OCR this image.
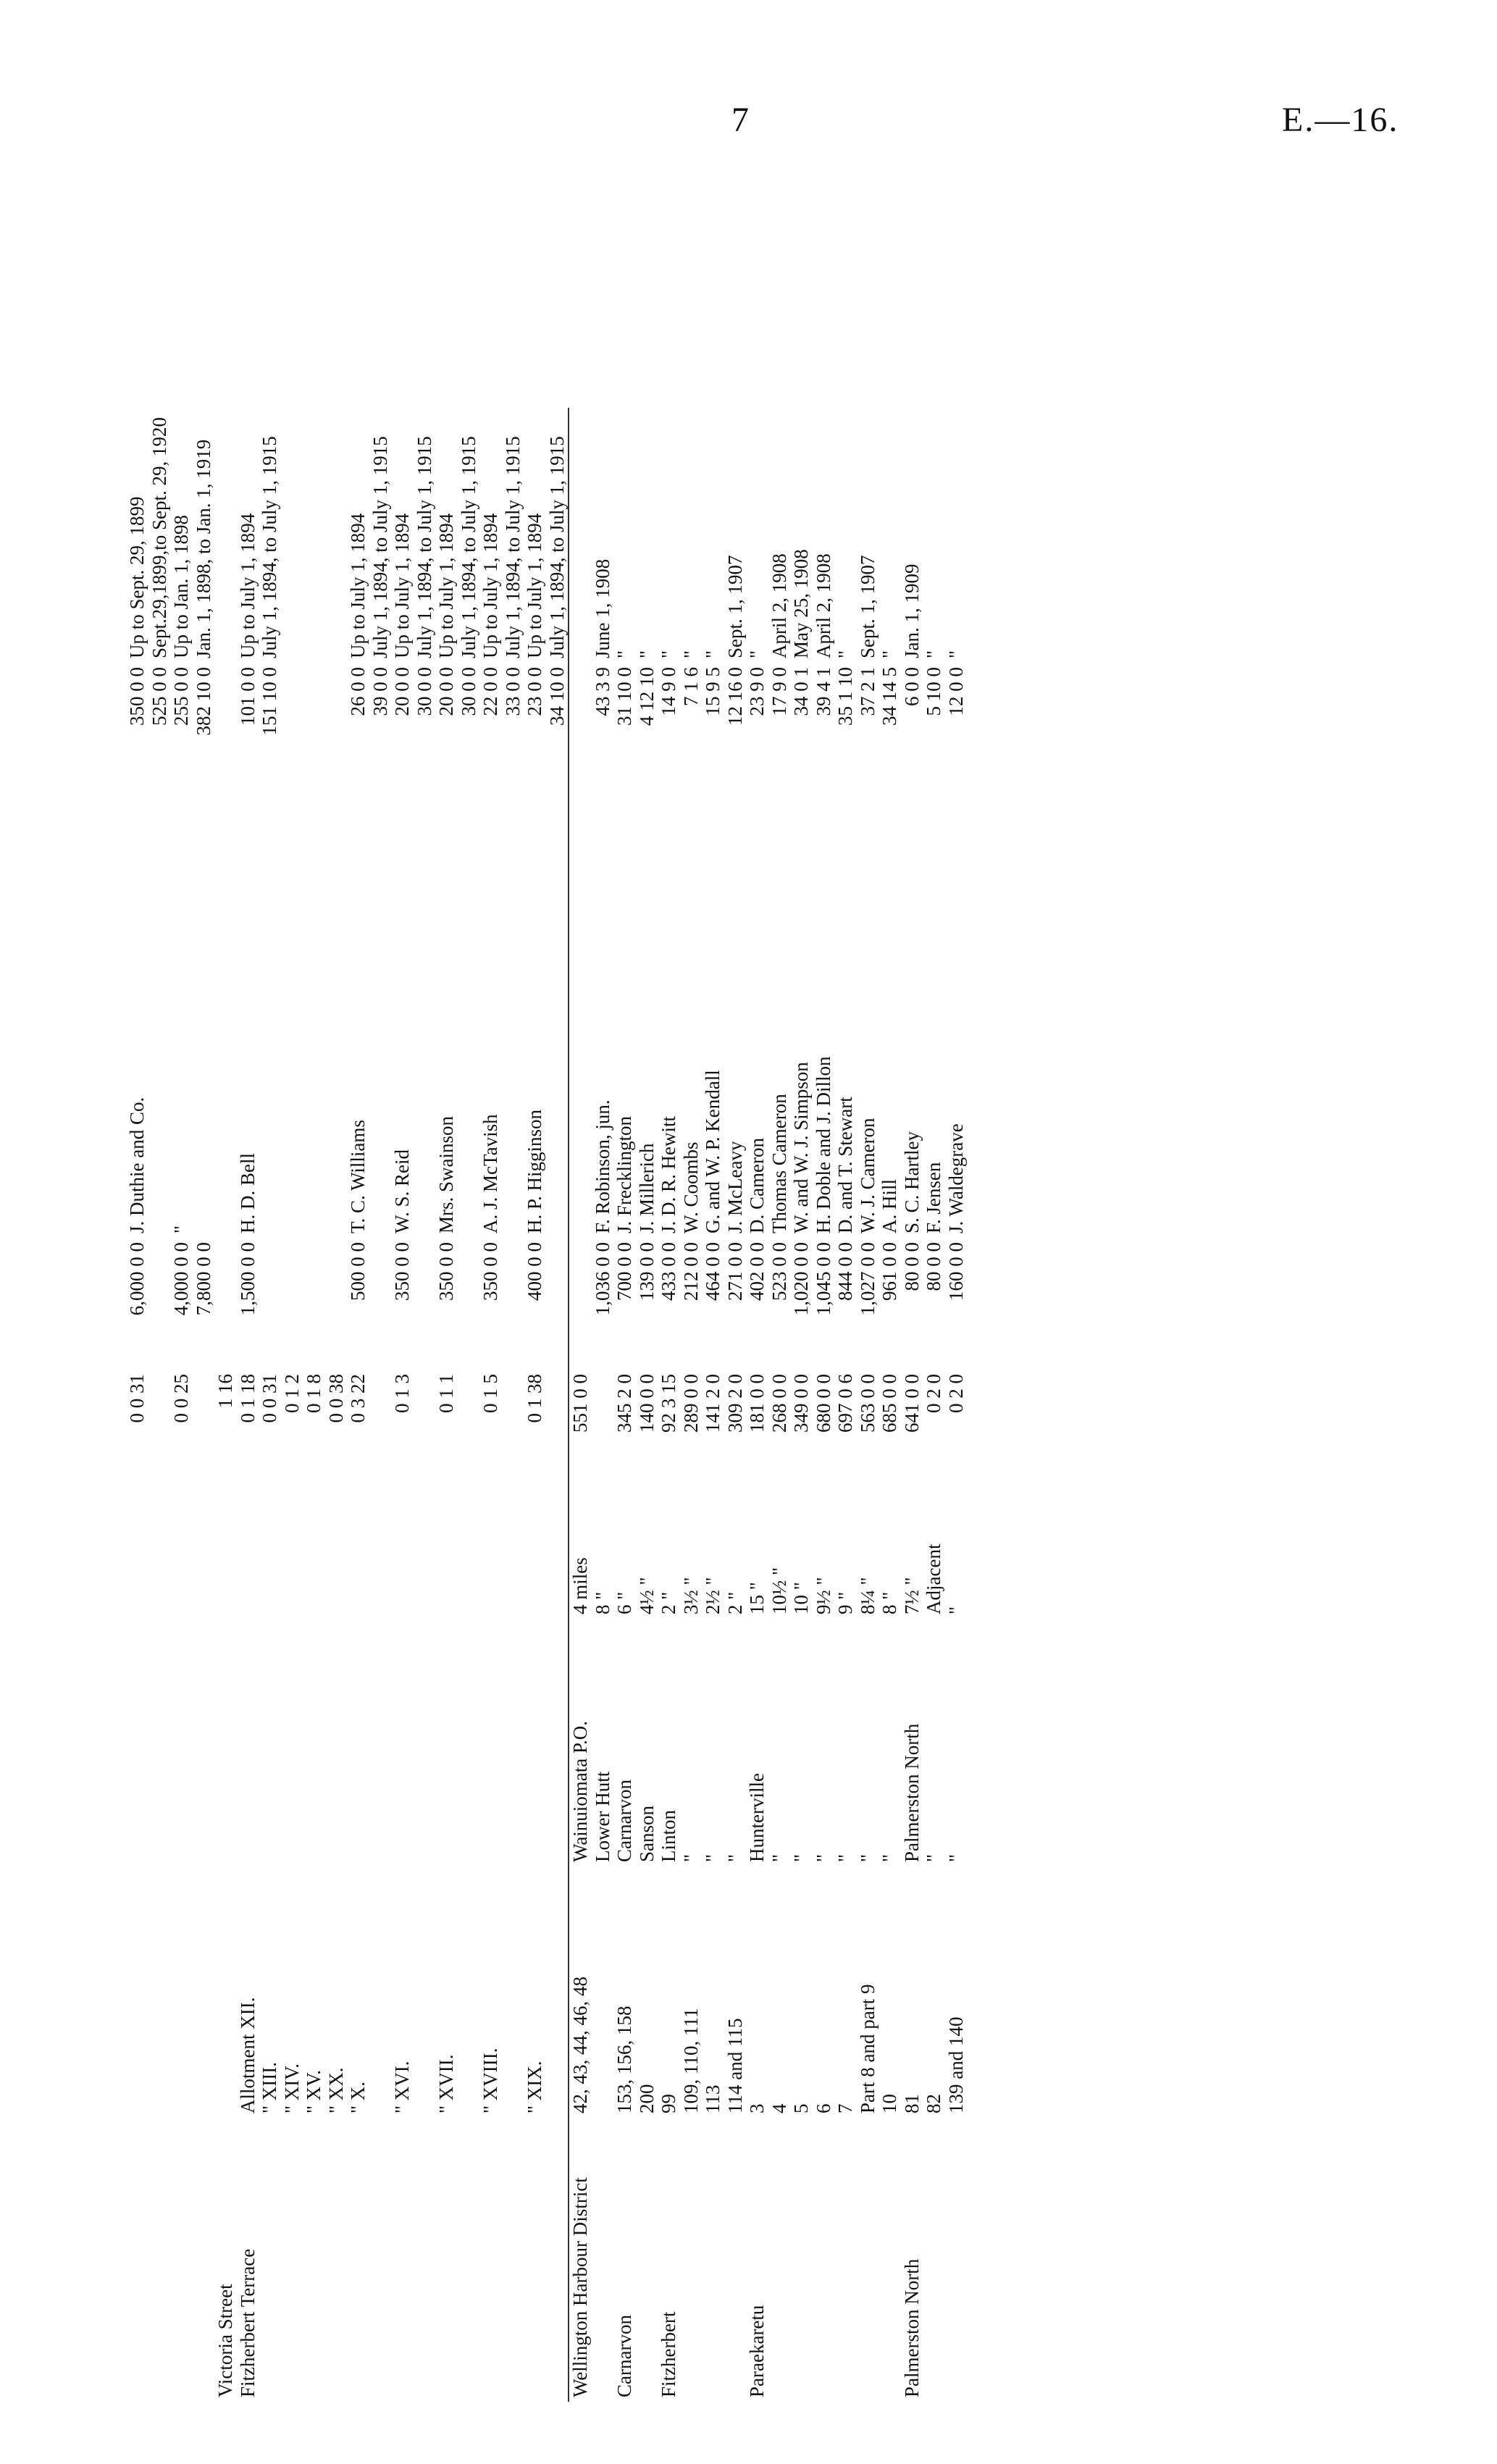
7	E.—16.
				0 0 31	6,000 0 0	J. Duthie and Co.	350 0 0	Up to Sept. 29, 1899
							525 0 0	Sept.29,1899,to Sept. 29, 1920
				0 0 25	4,000 0 0	"	255 0 0	Up to Jan. 1, 1898
					7,800 0 0		382 10 0	Jan. 1, 1898, to Jan. 1, 1919
Victoria Street				1 16				
Fitzherbert Terrace	Allotment XII.			0 1 18	1,500 0 0	H. D. Bell	101 0 0	Up to July 1, 1894
	" XIII.			0 0 31			151 10 0	July 1, 1894, to July 1, 1915
	" XIV.			0 1 2				
	" XV.			0 1 8				
	" XX.			0 0 38				
	" X.			0 3 22	500 0 0	T. C. Williams	26 0 0	Up to July 1, 1894
							39 0 0	July 1, 1894, to July 1, 1915
	" XVI.			0 1 3	350 0 0	W. S. Reid	20 0 0	Up to July 1, 1894
							30 0 0	July 1, 1894, to July 1, 1915
	" XVII.			0 1 1	350 0 0	Mrs. Swainson	20 0 0	Up to July 1, 1894
							30 0 0	July 1, 1894, to July 1, 1915
	" XVIII.			0 1 5	350 0 0	A. J. McTavish	22 0 0	Up to July 1, 1894
							33 0 0	July 1, 1894, to July 1, 1915
	" XIX.			0 1 38	400 0 0	H. P. Higginson	23 0 0	Up to July 1, 1894
							34 10 0	July 1, 1894, to July 1, 1915
Wellington Harbour District	42, 43, 44, 46, 48	Wainuiomata P.O.	4 miles	551 0 0				
		Lower Hutt	8 "		1,036 0 0	F. Robinson, jun.	43 3 9	June 1, 1908
Carnarvon	153, 156, 158	Carnarvon	6 "	345 2 0	700 0 0	J. Frecklington	31 10 0	"
	200	Sanson	4½ "	140 0 0	139 0 0	J. Millerich	4 12 10	"
Fitzherbert	99	Linton	2 "	92 3 15	433 0 0	J. D. R. Hewitt	14 9 0	"
	109, 110, 111	"	3½ "	289 0 0	212 0 0	W. Coombs	7 1 6	"
	113	"	2½ "	141 2 0	464 0 0	G. and W. P. Kendall	15 9 5	"
	114 and 115	"	2 "	309 2 0	271 0 0	J. McLeavy	12 16 0	Sept. 1, 1907
Paraekaretu	3	Hunterville	15 "	181 0 0	402 0 0	D. Cameron	23 9 0	"
	4	"	10½ "	268 0 0	523 0 0	Thomas Cameron	17 9 0	April 2, 1908
	5	"	10 "	349 0 0	1,020 0 0	W. and W. J. Simpson	34 0 1	May 25, 1908
	6	"	9½ "	680 0 0	1,045 0 0	H. Doble and J. Dillon	39 4 1	April 2, 1908
	7	"	9 "	697 0 6	844 0 0	D. and T. Stewart	35 1 10	"
	Part 8 and part 9	"	8¼ "	563 0 0	1,027 0 0	W. J. Cameron	37 2 1	Sept. 1, 1907
	10	"	8 "	685 0 0	961 0 0	A. Hill	34 14 5	"
Palmerston North	81	Palmerston North	7½ "	641 0 0	80 0 0	S. C. Hartley	6 0 0	Jan. 1, 1909
	82	"	Adjacent	0 2 0	80 0 0	F. Jensen	5 10 0	"
	139 and 140	"	"	0 2 0	160 0 0	J. Waldegrave	12 0 0	"
